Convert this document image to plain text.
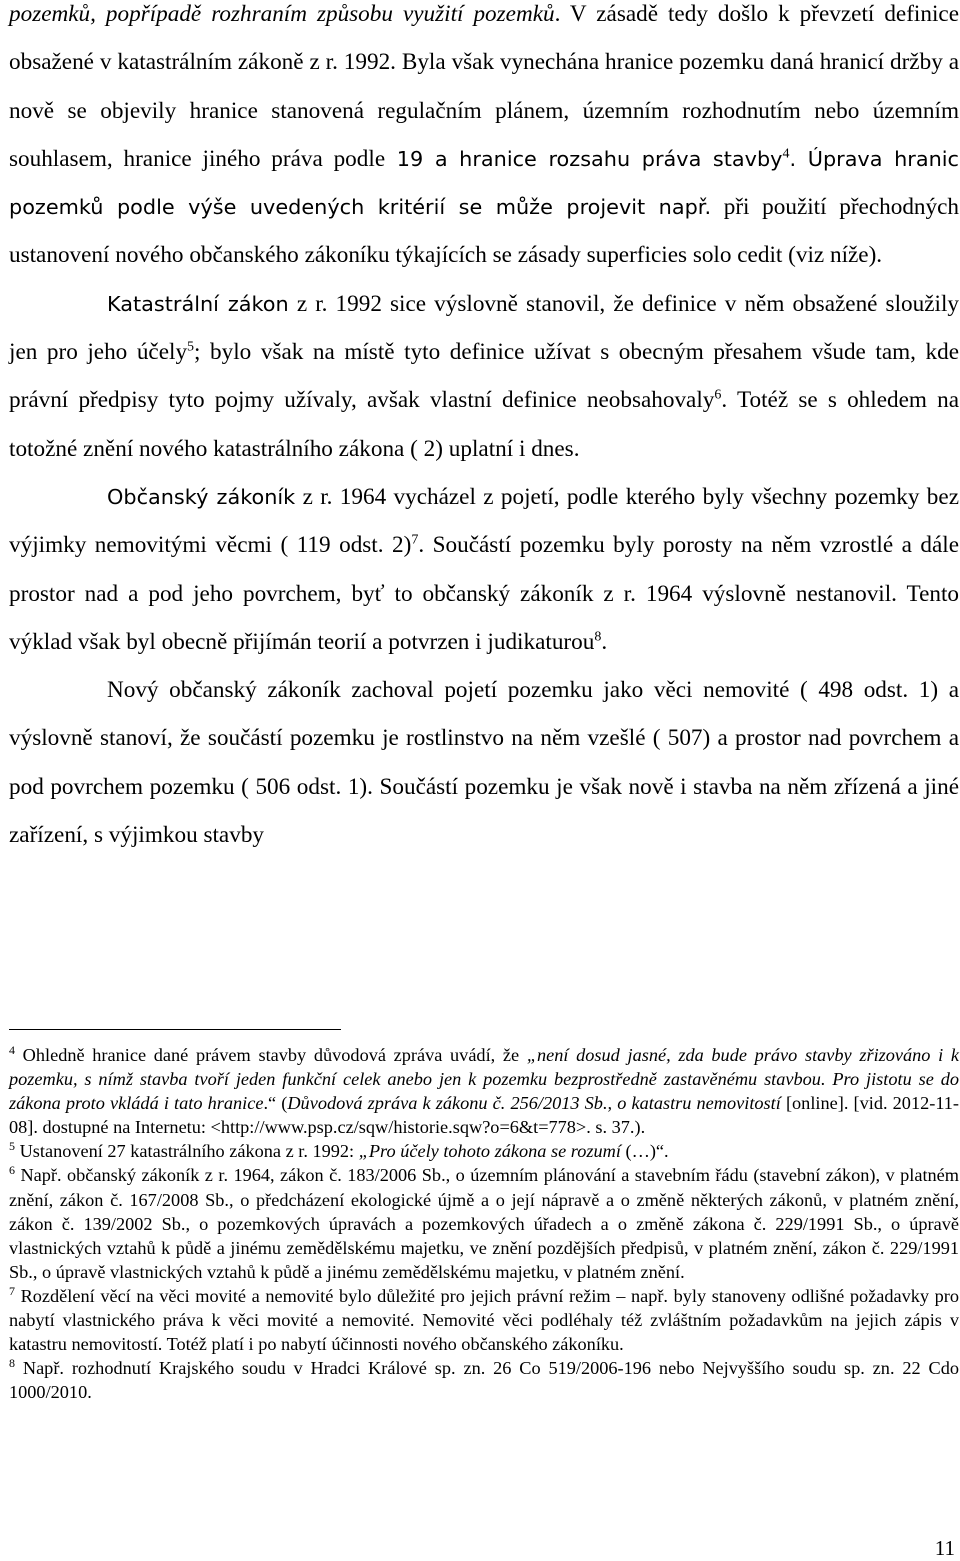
pozemků, popřípadě rozhraním způsobu využití pozemků. V zásadě tedy došlo k převzetí definice obsažené v katastrálním zákoně z r. 1992. Byla však vynechána hranice pozemku daná hranicí držby a nově se objevily hranice stanovená regulačním plánem, územním rozhodnutím nebo územním souhlasem, hranice jiného práva podle 19 a hranice rozsahu práva stavby$^4$. Úprava hranic pozemků podle výše uvedených kritérií se může projevit např. při použití přechodných ustanovení nového občanského zákoníku týkajících se zásady superficies solo cedit (viz níže).

Katastrální zákon z r. 1992 sice výslovně stanovil, že definice v něm obsažené sloužily jen pro jeho účely$^5$; bylo však na místě tyto definice užívat s obecným přesahem všude tam, kde právní předpisy tyto pojmy užívaly, avšak vlastní definice neobsahovaly$^6$. Totéž se s ohledem na totožné znění nového katastrálního zákona ( 2) uplatní i dnes.

Občanský zákoník z r. 1964 vycházel z pojetí, podle kterého byly všechny pozemky bez výjimky nemovitými věcmi ( 119 odst. 2)$^7$. Součástí pozemku byly porosty na něm vzrostlé a dále prostor nad a pod jeho povrchem, byť to občanský zákoník z r. 1964 výslovně nestanovil. Tento výklad však byl obecně přijímán teorií a potvrzen i judikaturou$^8$.

Nový občanský zákoník zachoval pojetí pozemku jako věci nemovité ( 498 odst. 1) a výslovně stanoví, že součástí pozemku je rostlinstvo na něm vzešlé ( 507) a prostor nad povrchem a pod povrchem pozemku ( 506 odst. 1). Součástí pozemku je však nově i stavba na něm zřízená a jiné zařízení, s výjimkou stavby

$^4$ Ohledně hranice dané právem stavby důvodová zpráva uvádí, že „není dosud jasné, zda bude právo stavby zřizováno i k pozemku, s nímž stavba tvoří jeden funkční celek anebo jen k pozemku bezprostředně zastavěnému stavbou. Pro jistotu se do zákona proto vkládá i tato hranice.“ (Důvodová zpráva k zákonu č. 256/2013 Sb., o katastru nemovitostí [online]. [vid. 2012-11-08]. dostupné na Internetu: <http://www.psp.cz/sqw/historie.sqw?o=6&t=778>. s. 37.).

$^5$ Ustanovení 27 katastrálního zákona z r. 1992: „Pro účely tohoto zákona se rozumí (…)“.

$^6$ Např. občanský zákoník z r. 1964, zákon č. 183/2006 Sb., o územním plánování a stavebním řádu (stavební zákon), v platném znění, zákon č. 167/2008 Sb., o předcházení ekologické újmě a o její nápravě a o změně některých zákonů, v platném znění, zákon č. 139/2002 Sb., o pozemkových úpravách a pozemkových úřadech a o změně zákona č. 229/1991 Sb., o úpravě vlastnických vztahů k půdě a jinému zemědělskému majetku, ve znění pozdějších předpisů, v platném znění, zákon č. 229/1991 Sb., o úpravě vlastnických vztahů k půdě a jinému zemědělskému majetku, v platném znění.

$^7$ Rozdělení věcí na věci movité a nemovité bylo důležité pro jejich právní režim – např. byly stanoveny odlišné požadavky pro nabytí vlastnického práva k věci movité a nemovité. Nemovité věci podléhaly též zvláštním požadavkům na jejich zápis v katastru nemovitostí. Totéž platí i po nabytí účinnosti nového občanského zákoníku.

$^8$ Např. rozhodnutí Krajského soudu v Hradci Králové sp. zn. 26 Co 519/2006-196 nebo Nejvyššího soudu sp. zn. 22 Cdo 1000/2010.

11
